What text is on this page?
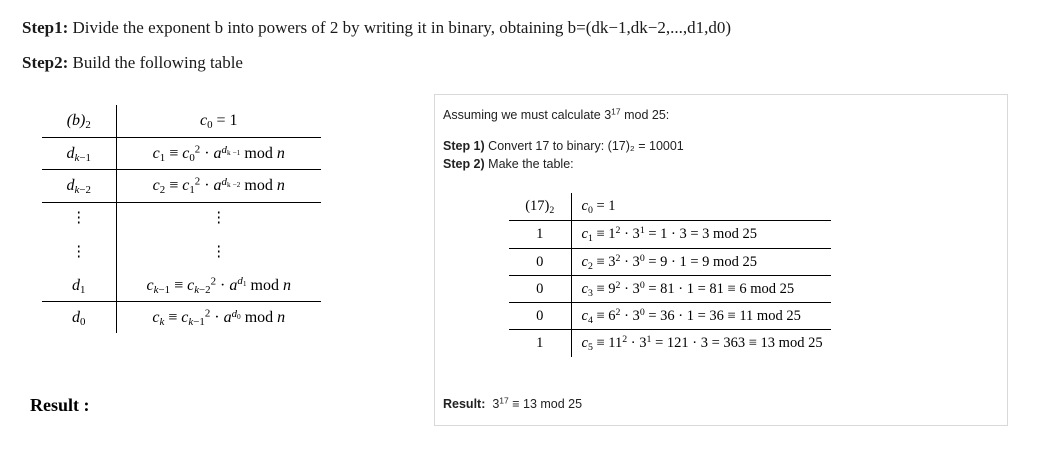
Step1: Divide the exponent b into powers of 2 by writing it in binary, obtaining b=(dk−1,dk−2,...,d1,d0)
Step2: Build the following table
$(b)_2$	$c_0 = 1$
$d_{k-1}$	$c_1 \equiv c_0^2 \cdot a^{d_{k -1}}$ mod n
$d_{k-2}$	$c_2 \equiv c_1^2 \cdot a^{d_{k -2}}$ mod n
⋮	⋮
⋮	⋮
$d_1$	$c_{k-1} \equiv c_{k-2}^2 \cdot a^{d_1}$ mod n
$d_0$	$c_k \equiv c_{k-1}^2 \cdot a^{d_0}$ mod n
Result :
Assuming we must calculate $3^{17}$ mod 25:
Step 1) Convert 17 to binary: (17)₂ = 10001
Step 2) Make the table:
$(17)_2$	$c_0 = 1$
1	$c_1 \equiv 1^2 \cdot 3^1 = 1 \cdot 3 = 3$ mod 25
0	$c_2 \equiv 3^2 \cdot 3^0 = 9 \cdot 1 = 9$ mod 25
0	$c_3 \equiv 9^2 \cdot 3^0 = 81 \cdot 1 = 81 \equiv 6$ mod 25
0	$c_4 \equiv 6^2 \cdot 3^0 = 36 \cdot 1 = 36 \equiv 11$ mod 25
1	$c_5 \equiv 11^2 \cdot 3^1 = 121 \cdot 3 = 363 \equiv 13$ mod 25
Result:  $3^{17} \equiv 13$ mod 25
